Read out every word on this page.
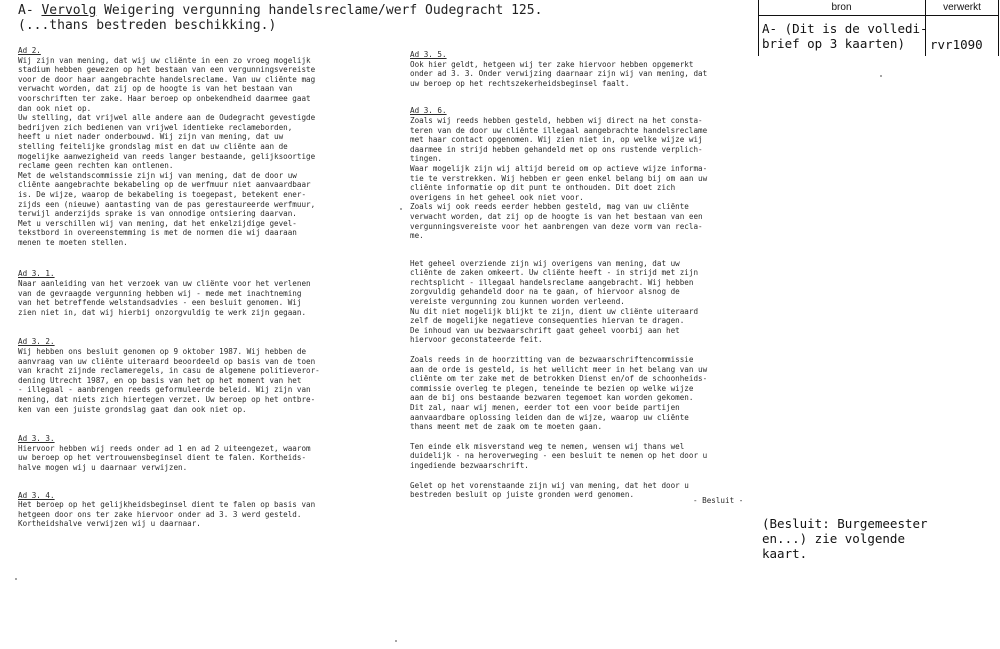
A- Vervolg Weigering vergunning handelsreclame/werf Oudegracht 125.
(...thans bestreden beschikking.)
bron	verwerkt
A- (Dit is de volledi-
brief op 3 kaarten)	rvr1090
(Besluit: Burgemeester
en...) zie volgende
kaart.
Ad 2.
Wij zijn van mening, dat wij uw cliënte in een zo vroeg mogelijk
stadium hebben gewezen op het bestaan van een vergunningsvereiste
voor de door haar aangebrachte handelsreclame. Van uw cliënte mag
verwacht worden, dat zij op de hoogte is van het bestaan van
voorschriften ter zake. Haar beroep op onbekendheid daarmee gaat
dan ook niet op.
Uw stelling, dat vrijwel alle andere aan de Oudegracht gevestigde
bedrijven zich bedienen van vrijwel identieke reclameborden,
heeft u niet nader onderbouwd. Wij zijn van mening, dat uw
stelling feitelijke grondslag mist en dat uw cliënte aan de
mogelijke aanwezigheid van reeds langer bestaande, gelijksoortige
reclame geen rechten kan ontlenen.
Met de welstandscommissie zijn wij van mening, dat de door uw
cliënte aangebrachte bekabeling op de werfmuur niet aanvaardbaar
is. De wijze, waarop de bekabeling is toegepast, betekent ener-
zijds een (nieuwe) aantasting van de pas gerestaureerde werfmuur,
terwijl anderzijds sprake is van onnodige ontsiering daarvan.
Met u verschillen wij van mening, dat het enkelzijdige gevel-
tekstbord in overeenstemming is met de normen die wij daaraan
menen te moeten stellen.
Ad 3. 1.
Naar aanleiding van het verzoek van uw cliënte voor het verlenen
van de gevraagde vergunning hebben wij - mede met inachtneming
van het betreffende welstandsadvies - een besluit genomen. Wij
zien niet in, dat wij hierbij onzorgvuldig te werk zijn gegaan.
Ad 3. 2.
Wij hebben ons besluit genomen op 9 oktober 1987. Wij hebben de
aanvraag van uw cliënte uiteraard beoordeeld op basis van de toen
van kracht zijnde reclameregels, in casu de algemene politieveror-
dening Utrecht 1987, en op basis van het op het moment van het
- illegaal - aanbrengen reeds geformuleerde beleid. Wij zijn van
mening, dat niets zich hiertegen verzet. Uw beroep op het ontbre-
ken van een juiste grondslag gaat dan ook niet op.
Ad 3. 3.
Hiervoor hebben wij reeds onder ad 1 en ad 2 uiteengezet, waarom
uw beroep op het vertrouwensbeginsel dient te falen. Kortheids-
halve mogen wij u daarnaar verwijzen.
Ad 3. 4.
Het beroep op het gelijkheidsbeginsel dient te falen op basis van
hetgeen door ons ter zake hiervoor onder ad 3. 3 werd gesteld.
Kortheidshalve verwijzen wij u daarnaar.
Ad 3. 5.
Ook hier geldt, hetgeen wij ter zake hiervoor hebben opgemerkt
onder ad 3. 3. Onder verwijzing daarnaar zijn wij van mening, dat
uw beroep op het rechtszekerheidsbeginsel faalt.
Ad 3. 6.
Zoals wij reeds hebben gesteld, hebben wij direct na het consta-
teren van de door uw cliënte illegaal aangebrachte handelsreclame
met haar contact opgenomen. Wij zien niet in, op welke wijze wij
daarmee in strijd hebben gehandeld met op ons rustende verplich-
tingen.
Waar mogelijk zijn wij altijd bereid om op actieve wijze informa-
tie te verstrekken. Wij hebben er geen enkel belang bij om aan uw
cliënte informatie op dit punt te onthouden. Dit doet zich
overigens in het geheel ook niet voor.
Zoals wij ook reeds eerder hebben gesteld, mag van uw cliënte
verwacht worden, dat zij op de hoogte is van het bestaan van een
vergunningsvereiste voor het aanbrengen van deze vorm van recla-
me.
Het geheel overziende zijn wij overigens van mening, dat uw
cliënte de zaken omkeert. Uw cliënte heeft - in strijd met zijn
rechtsplicht - illegaal handelsreclame aangebracht. Wij hebben
zorgvuldig gehandeld door na te gaan, of hiervoor alsnog de
vereiste vergunning zou kunnen worden verleend.
Nu dit niet mogelijk blijkt te zijn, dient uw cliënte uiteraard
zelf de mogelijke negatieve consequenties hiervan te dragen.
De inhoud van uw bezwaarschrift gaat geheel voorbij aan het
hiervoor geconstateerde feit.
Zoals reeds in de hoorzitting van de bezwaarschriftencommissie
aan de orde is gesteld, is het wellicht meer in het belang van uw
cliënte om ter zake met de betrokken Dienst en/of de schoonheids-
commissie overleg te plegen, teneinde te bezien op welke wijze
aan de bij ons bestaande bezwaren tegemoet kan worden gekomen.
Dit zal, naar wij menen, eerder tot een voor beide partijen
aanvaardbare oplossing leiden dan de wijze, waarop uw cliënte
thans meent met de zaak om te moeten gaan.
Ten einde elk misverstand weg te nemen, wensen wij thans wel
duidelijk - na heroverweging - een besluit te nemen op het door u
ingediende bezwaarschrift.
Gelet op het vorenstaande zijn wij van mening, dat het door u
bestreden besluit op juiste gronden werd genomen.
- Besluit -
